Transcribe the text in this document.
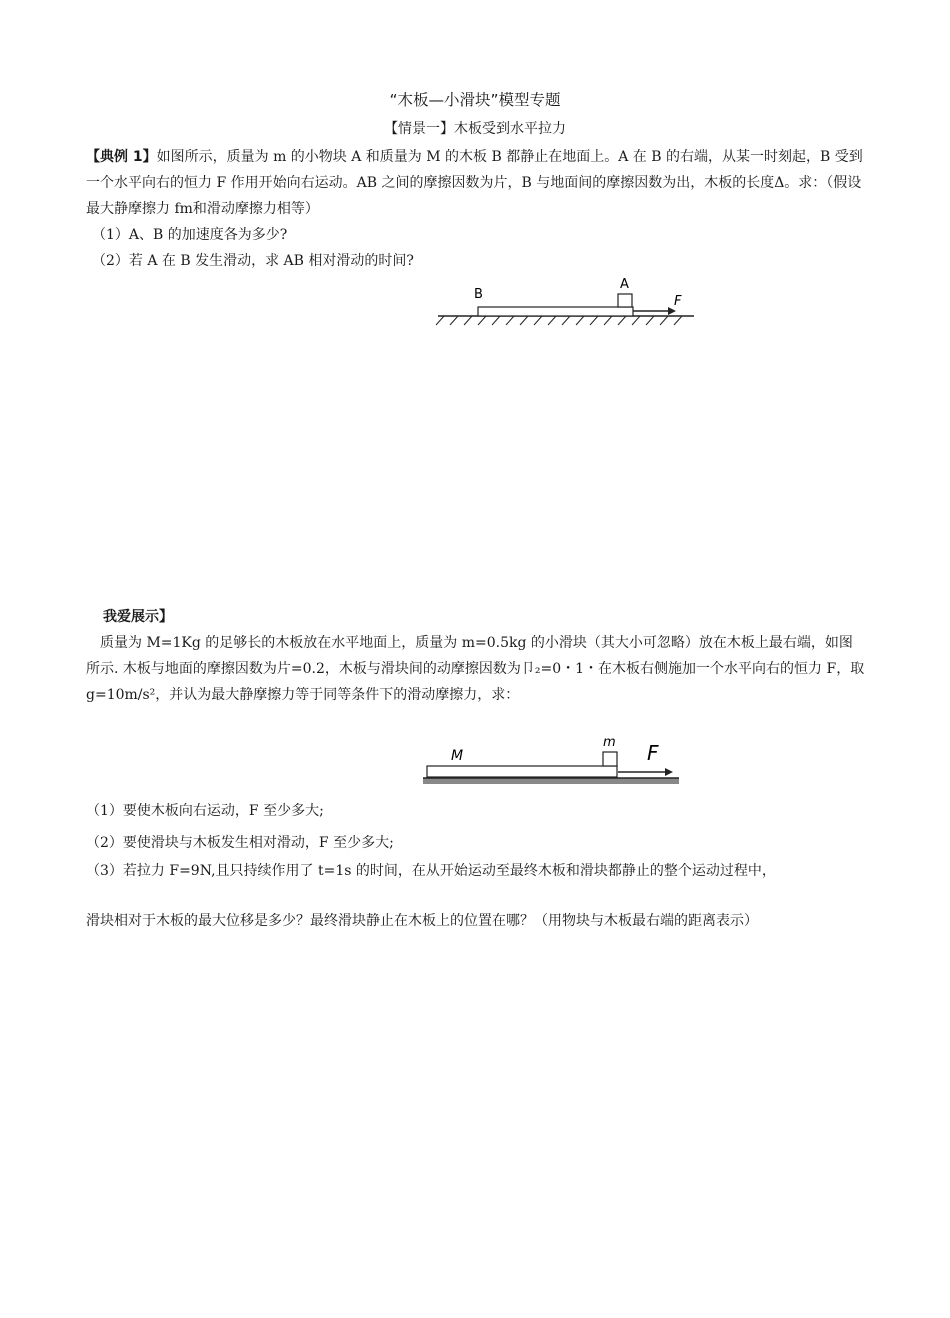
“木板—小滑块”模型专题
【情景一】木板受到水平拉力
【典例 1】如图所示，质量为 m 的小物块 A 和质量为 M 的木板 B 都静止在地面上。A 在 B 的右端，从某一时刻起，B 受到一个水平向右的恒力 F 作用开始向右运动。AB 之间的摩擦因数为片，B 与地面间的摩擦因数为出，木板的长度Δ。求：（假设最大静摩擦力 fm和滑动摩擦力相等）
（1）A、B 的加速度各为多少?
（2）若 A 在 B 发生滑动，求 AB 相对滑动的时间?
B
A
F
我爱展示】
质量为 M=1Kg 的足够长的木板放在水平地面上，质量为 m=0.5kg 的小滑块（其大小可忽略）放在木板上最右端，如图所示. 木板与地面的摩擦因数为片=0.2，木板与滑块间的动摩擦因数为卩₂=0・1・在木板右侧施加一个水平向右的恒力 F，取 g=10m/s²，并认为最大静摩擦力等于同等条件下的滑动摩擦力，求：
M
m F
（1）要使木板向右运动，F 至少多大;
（2）要使滑块与木板发生相对滑动，F 至少多大;
（3）若拉力 F=9N,且只持续作用了 t=1s 的时间，在从开始运动至最终木板和滑块都静止的整个运动过程中，
滑块相对于木板的最大位移是多少？最终滑块静止在木板上的位置在哪？（用物块与木板最右端的距离表示）
